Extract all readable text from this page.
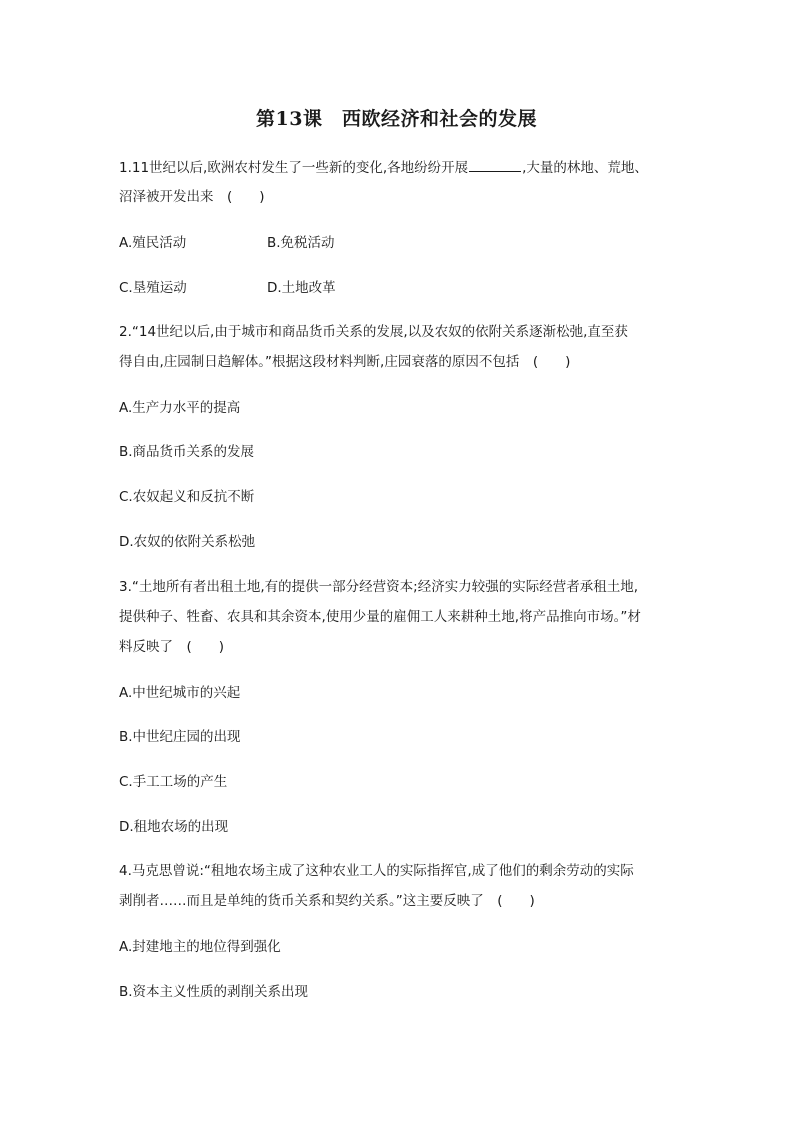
第13课　西欧经济和社会的发展
1.11世纪以后,欧洲农村发生了一些新的变化,各地纷纷开展	,大量的林地、荒地、
沼泽被开发出来　(　　)
A.殖民活动	B.免税活动
C.垦殖运动	D.土地改革
2.“14世纪以后,由于城市和商品货币关系的发展,以及农奴的依附关系逐渐松弛,直至获
得自由,庄园制日趋解体。”根据这段材料判断,庄园衰落的原因不包括　(　　)
A.生产力水平的提高
B.商品货币关系的发展
C.农奴起义和反抗不断
D.农奴的依附关系松弛
3.“土地所有者出租土地,有的提供一部分经营资本;经济实力较强的实际经营者承租土地,
提供种子、牲畜、农具和其余资本,使用少量的雇佣工人来耕种土地,将产品推向市场。”材
料反映了　(　　)
A.中世纪城市的兴起
B.中世纪庄园的出现
C.手工工场的产生
D.租地农场的出现
4.马克思曾说:“租地农场主成了这种农业工人的实际指挥官,成了他们的剩余劳动的实际
剥削者……而且是单纯的货币关系和契约关系。”这主要反映了　(　　)
A.封建地主的地位得到强化
B.资本主义性质的剥削关系出现
